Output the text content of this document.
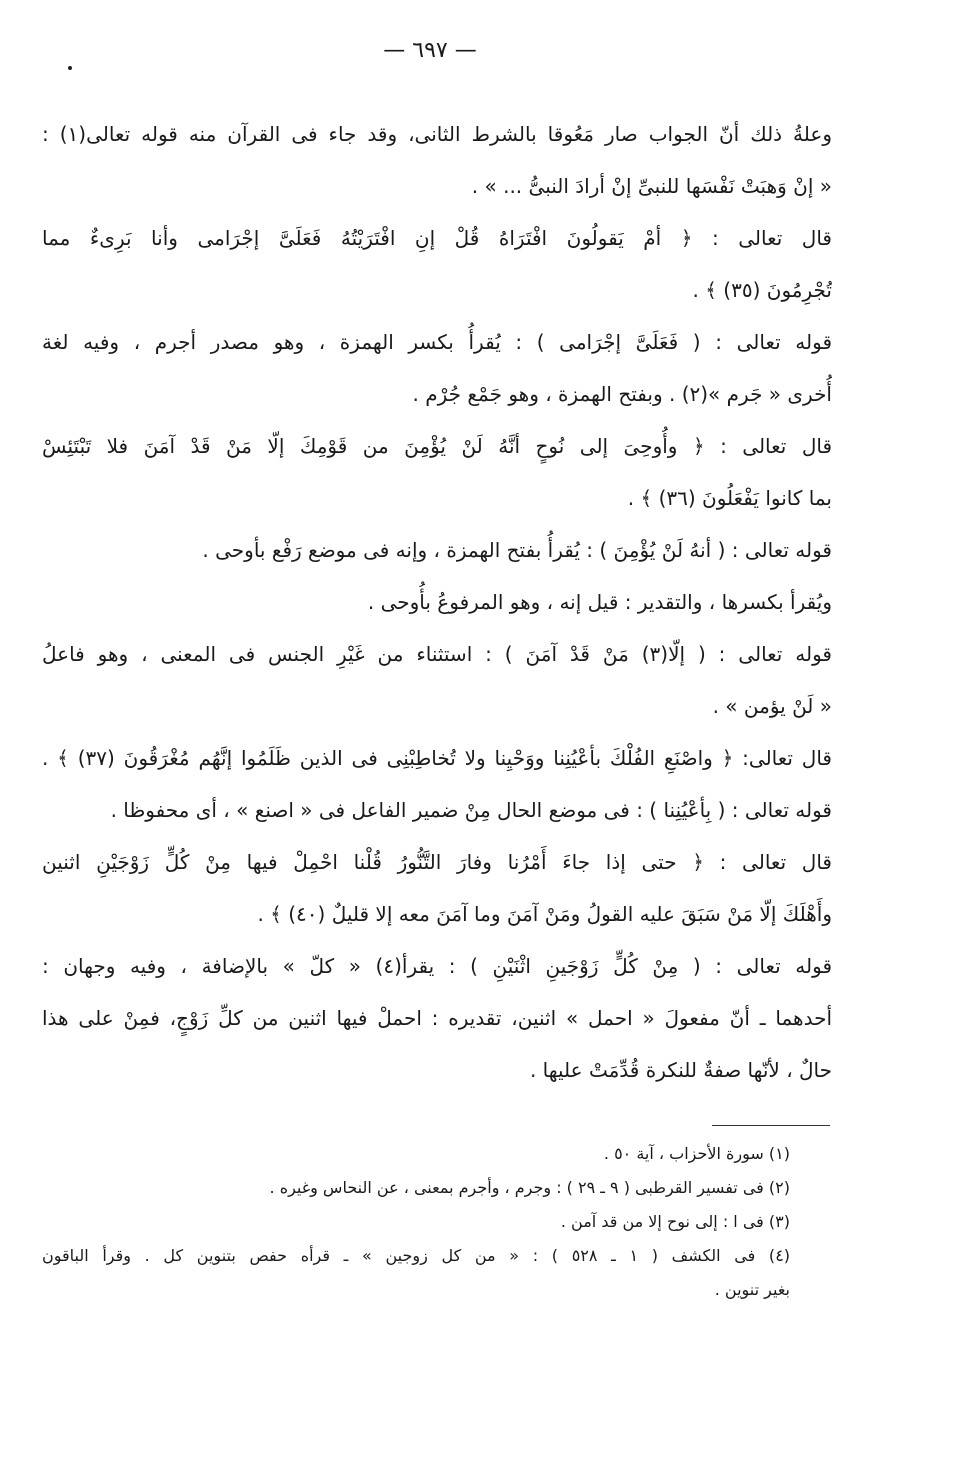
— ٦٩٧ —
وعلةُ ذلك أنّ الجواب صار مَعُوقا بالشرط الثانى، وقد جاء فى القرآن منه قوله تعالى(١) :
« إنْ وَهبَتْ نَفْسَها للنبىِّ إنْ أرادَ النبىُّ ... » .
قال تعالى : ﴿ أمْ يَقولُونَ افْتَرَاهُ قُلْ إنِ افْتَرَيْتُهُ فَعَلَىَّ إجْرَامى وأنا بَرِىءٌ مما
تُجْرِمُونَ (٣٥) ﴾ .
قوله تعالى : ( فَعَلَىَّ إجْرَامى ) : يُقرأُ بكسر الهمزة ، وهو مصدر أجرم ، وفيه لغة
أُخرى « جَرم »(٢) . وبفتح الهمزة ، وهو جَمْع جُرْم .
قال تعالى : ﴿ وأُوحِىَ إلى نُوحٍ أنَّهُ لَنْ يُؤْمِنَ من قَوْمِكَ إلّا مَنْ قَدْ آمَنَ فلا تَبْتَئِسْ
بما كانوا يَفْعَلُونَ (٣٦) ﴾ .
قوله تعالى : ( أنهُ لَنْ يُؤْمِنَ ) : يُقرأُ بفتح الهمزة ، وإنه فى موضع رَفْع بأوحى .
ويُقرأ بكسرها ، والتقدير : قيل إنه ، وهو المرفوعُ بأُوحى .
قوله تعالى : ( إلّا(٣) مَنْ قَدْ آمَنَ ) : استثناء من غَيْرِ الجنس فى المعنى ، وهو فاعلُ
« لَنْ يؤمن » .
قال تعالى: ﴿ واصْنَعِ الفُلْكَ بأعْيُنِنا ووَحْيِنا ولا تُخاطِبْنِى فى الذين ظَلَمُوا إنَّهُم مُغْرَقُونَ (٣٧) ﴾ .
قوله تعالى : ( بِأعْيُنِنا ) : فى موضع الحال مِنْ ضمير الفاعل فى « اصنع » ، أى محفوظا .
قال تعالى : ﴿ حتى إذا جاءَ أَمْرُنا وفارَ التَّنُّورُ قُلْنا احْمِلْ فيها مِنْ كُلٍّ زَوْجَيْنِ اثنين
وأَهْلَكَ إلّا مَنْ سَبَقَ عليه القولُ ومَنْ آمَنَ وما آمَنَ معه إلا قليلٌ (٤٠) ﴾ .
قوله تعالى : ( مِنْ كُلٍّ زَوْجَينِ اثْنَيْنِ ) : يقرأ(٤) « كلّ » بالإضافة ، وفيه وجهان :
أحدهما ـ أنّ مفعولَ « احمل » اثنين، تقديره : احملْ فيها اثنين من كلِّ زَوْجٍ، فمِنْ على هذا
حالٌ ، لأنّها صفةٌ للنكرة قُدِّمَتْ عليها .
(١) سورة الأحزاب ، آية ٥٠ .
(٢) فى تفسير القرطبى ( ٩ ـ ٢٩ ) : وجرم ، وأجرم بمعنى ، عن النحاس وغيره .
(٣) فى ا : إلى نوح إلا من قد آمن .
(٤) فى الكشف ( ١ ـ ٥٢٨ ) : « من كل زوجين » ـ قرأه حفص بتنوين كل . وقرأ الباقون
بغير تنوين .
